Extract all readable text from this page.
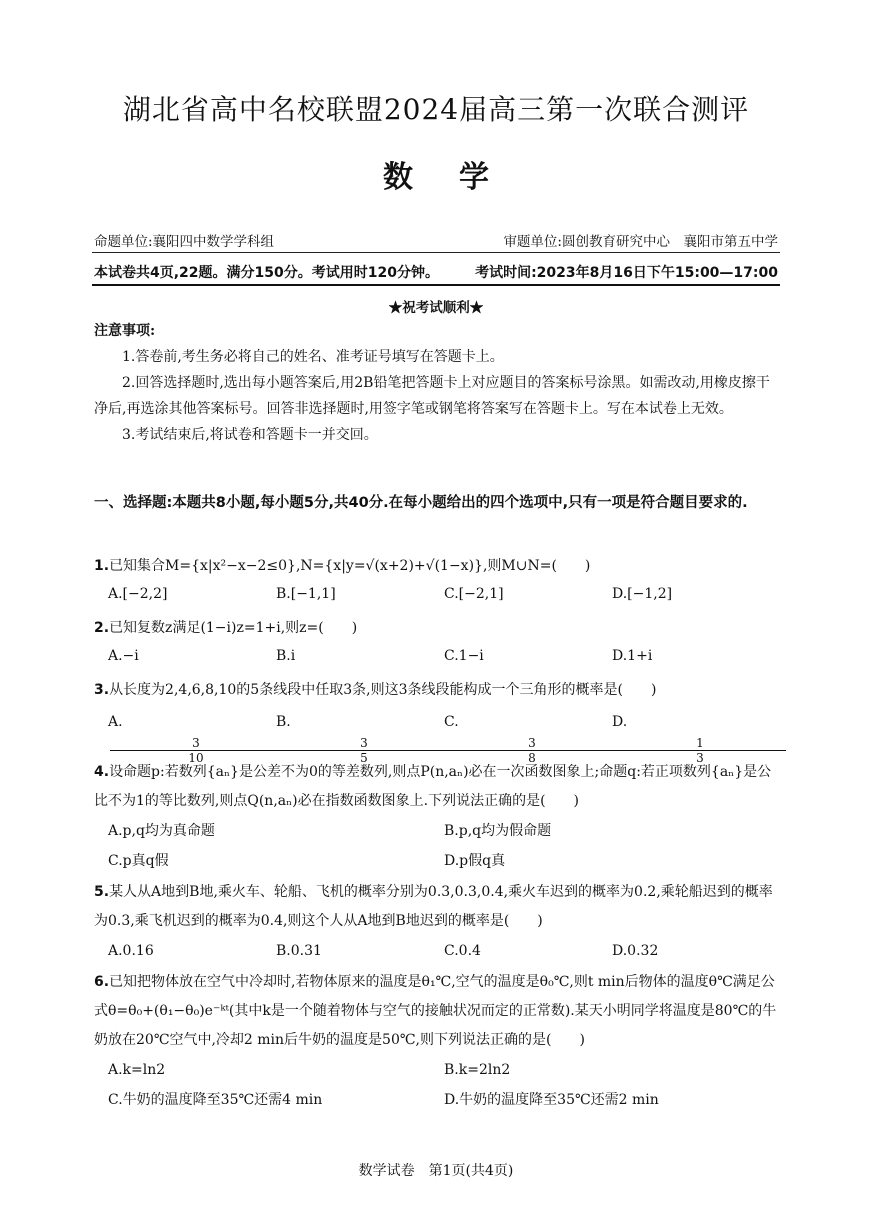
湖北省高中名校联盟2024届高三第一次联合测评
数学
命题单位:襄阳四中数学学科组	审题单位:圆创教育研究中心　襄阳市第五中学
本试卷共4页,22题。满分150分。考试用时120分钟。	考试时间:2023年8月16日下午15:00—17:00
★祝考试顺利★
注意事项:
1.答卷前,考生务必将自己的姓名、准考证号填写在答题卡上。
2.回答选择题时,选出每小题答案后,用2B铅笔把答题卡上对应题目的答案标号涂黑。如需改动,用橡皮擦干净后,再选涂其他答案标号。回答非选择题时,用签字笔或钢笔将答案写在答题卡上。写在本试卷上无效。
3.考试结束后,将试卷和答题卡一并交回。
一、选择题:本题共8小题,每小题5分,共40分.在每小题给出的四个选项中,只有一项是符合题目要求的.
1.已知集合M={x|x²−x−2≤0},N={x|y=√(x+2)+√(1−x)},则M∪N=(　　)
A.[−2,2]	B.[−1,1]	C.[−2,1]	D.[−1,2]
2.已知复数z满足(1−i)z=1+i,则z=(　　)
A.−i	B.i	C.1−i	D.1+i
3.从长度为2,4,6,8,10的5条线段中任取3条,则这3条线段能构成一个三角形的概率是(　　)
A.
$\frac{3}{10}$
B.
$\frac{3}{5}$
C.
$\frac{3}{8}$
D.
$\frac{1}{3}$
4.设命题p:若数列{aₙ}是公差不为0的等差数列,则点P(n,aₙ)必在一次函数图象上;命题q:若正项数列{aₙ}是公比不为1的等比数列,则点Q(n,aₙ)必在指数函数图象上.下列说法正确的是(　　)
A.p,q均为真命题	B.p,q均为假命题
C.p真q假	D.p假q真
5.某人从A地到B地,乘火车、轮船、飞机的概率分别为0.3,0.3,0.4,乘火车迟到的概率为0.2,乘轮船迟到的概率为0.3,乘飞机迟到的概率为0.4,则这个人从A地到B地迟到的概率是(　　)
A.0.16	B.0.31	C.0.4	D.0.32
6.已知把物体放在空气中冷却时,若物体原来的温度是θ₁℃,空气的温度是θ₀℃,则t min后物体的温度θ℃满足公式θ=θ₀+(θ₁−θ₀)e⁻ᵏᵗ(其中k是一个随着物体与空气的接触状况而定的正常数).某天小明同学将温度是80℃的牛奶放在20℃空气中,冷却2 min后牛奶的温度是50℃,则下列说法正确的是(　　)
A.k=ln2	B.k=2ln2
C.牛奶的温度降至35℃还需4 min	D.牛奶的温度降至35℃还需2 min
数学试卷　第1页(共4页)
